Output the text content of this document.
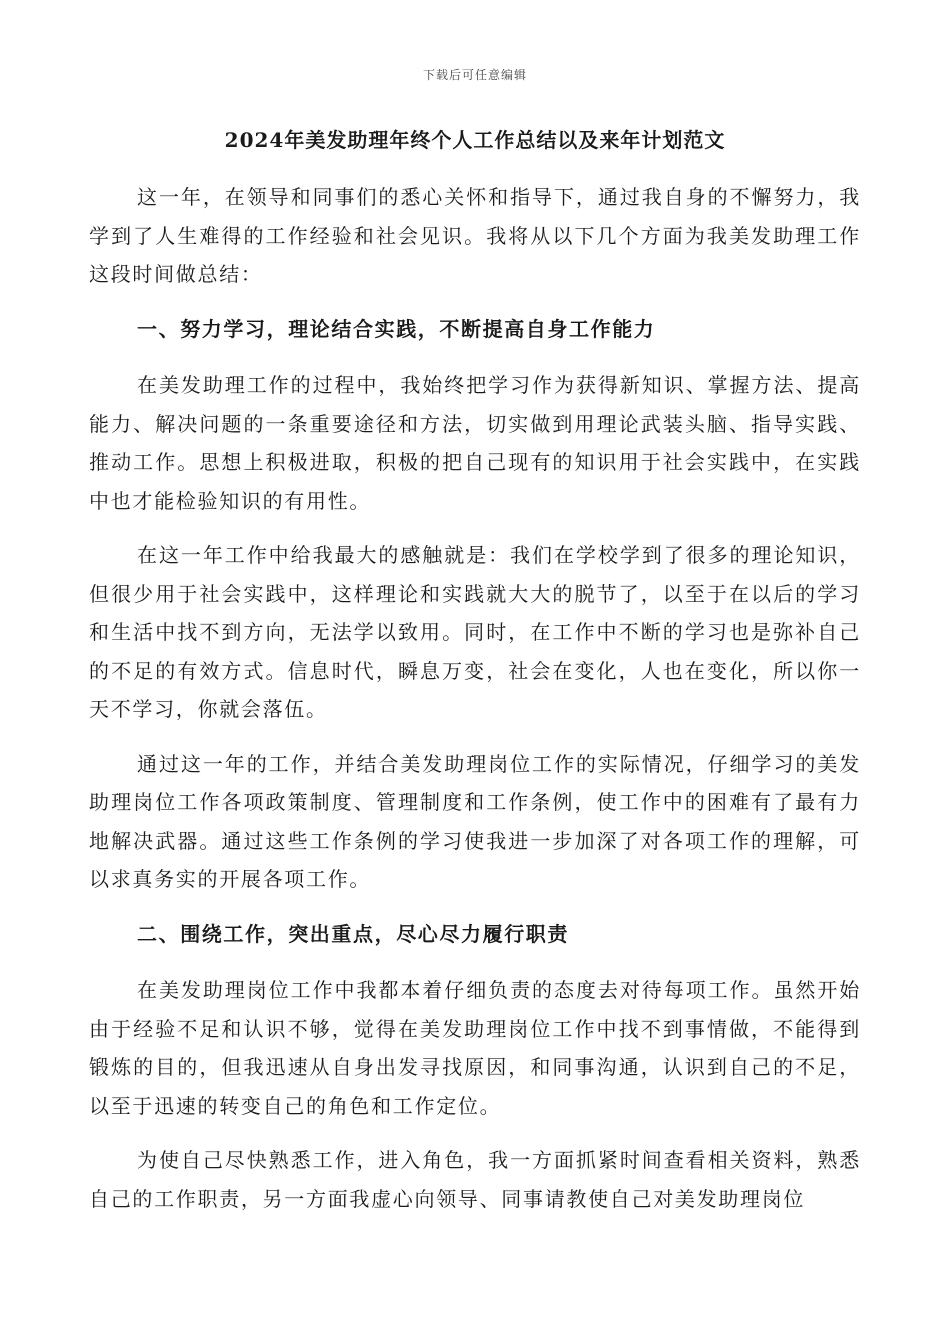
下载后可任意编辑
2024年美发助理年终个人工作总结以及来年计划范文

这一年，在领导和同事们的悉心关怀和指导下，通过我自身的不懈努力，我学到了人生难得的工作经验和社会见识。我将从以下几个方面为我美发助理工作这段时间做总结：

一、努力学习，理论结合实践，不断提高自身工作能力

在美发助理工作的过程中，我始终把学习作为获得新知识、掌握方法、提高能力、解决问题的一条重要途径和方法，切实做到用理论武装头脑、指导实践、推动工作。思想上积极进取，积极的把自己现有的知识用于社会实践中，在实践中也才能检验知识的有用性。

在这一年工作中给我最大的感触就是：我们在学校学到了很多的理论知识，但很少用于社会实践中，这样理论和实践就大大的脱节了，以至于在以后的学习和生活中找不到方向，无法学以致用。同时，在工作中不断的学习也是弥补自己的不足的有效方式。信息时代，瞬息万变，社会在变化，人也在变化，所以你一天不学习，你就会落伍。

通过这一年的工作，并结合美发助理岗位工作的实际情况，仔细学习的美发助理岗位工作各项政策制度、管理制度和工作条例，使工作中的困难有了最有力地解决武器。通过这些工作条例的学习使我进一步加深了对各项工作的理解，可以求真务实的开展各项工作。

二、围绕工作，突出重点，尽心尽力履行职责

在美发助理岗位工作中我都本着仔细负责的态度去对待每项工作。虽然开始由于经验不足和认识不够，觉得在美发助理岗位工作中找不到事情做，不能得到锻炼的目的，但我迅速从自身出发寻找原因，和同事沟通，认识到自己的不足，以至于迅速的转变自己的角色和工作定位。

为使自己尽快熟悉工作，进入角色，我一方面抓紧时间查看相关资料，熟悉自己的工作职责，另一方面我虚心向领导、同事请教使自己对美发助理岗位
